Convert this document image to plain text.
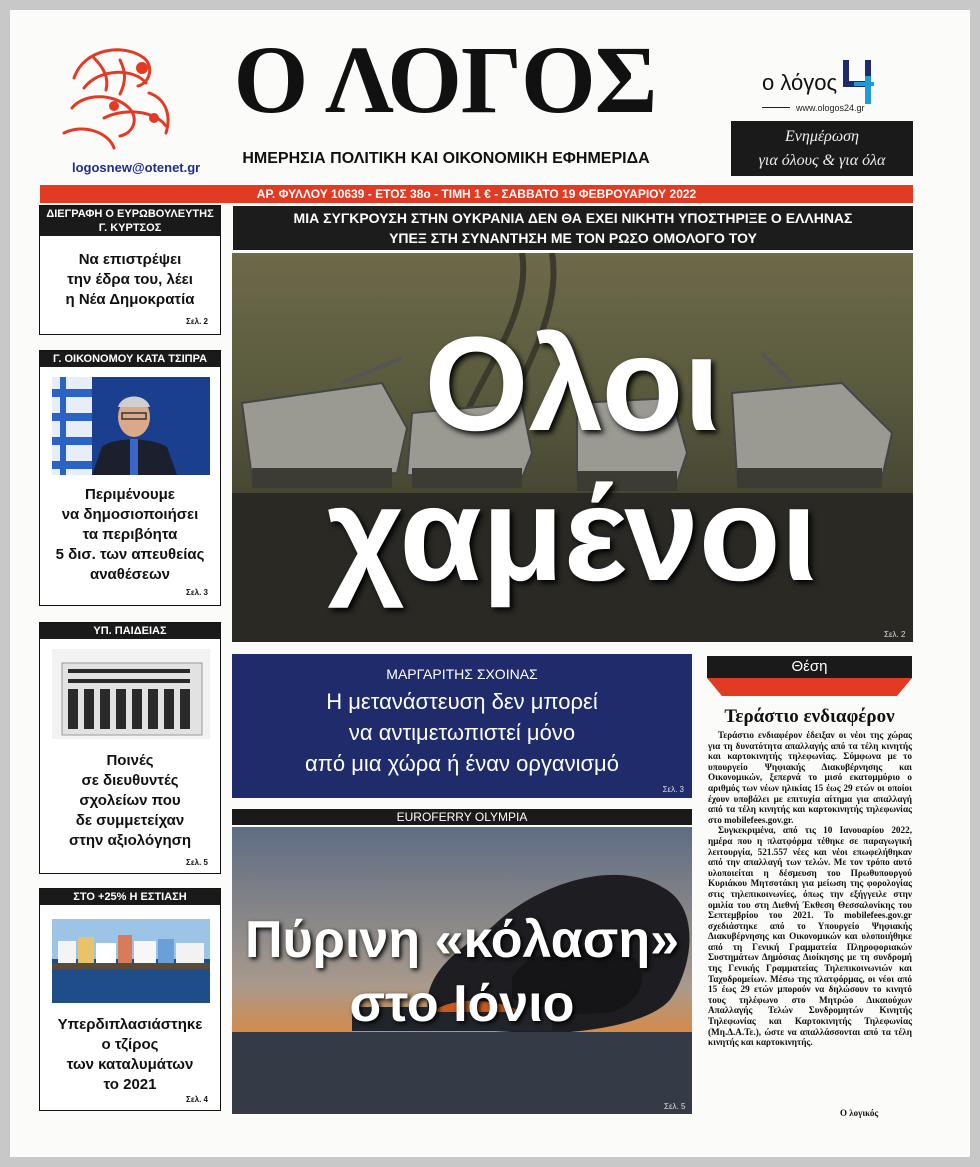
logosnew@otenet.gr
Ο ΛΟΓΟΣ
ΗΜΕΡΗΣΙΑ ΠΟΛΙΤΙΚΗ ΚΑΙ ΟΙΚΟΝΟΜΙΚΗ ΕΦΗΜΕΡΙΔΑ
ο λόγος
www.ologos24.gr
Ενημέρωση
για όλους & για όλα
ΑΡ. ΦΥΛΛΟΥ 10639 - ΕΤΟΣ 38ο - ΤΙΜΗ 1 € - ΣΑΒΒΑΤΟ 19 ΦΕΒΡΟΥΑΡΙΟΥ 2022
ΔΙΕΓΡΑΦΗ Ο ΕΥΡΩΒΟΥΛΕΥΤΗΣ Γ. ΚΥΡΤΣΟΣ
Να επιστρέψει
την έδρα του, λέει
η Νέα Δημοκρατία
Σελ. 2
Γ. ΟΙΚΟΝΟΜΟΥ ΚΑΤΑ ΤΣΙΠΡΑ
Περιμένουμε
να δημοσιοποιήσει
τα περιβόητα
5 δισ. των απευθείας
αναθέσεων
Σελ. 3
ΥΠ. ΠΑΙΔΕΙΑΣ
Ποινές
σε διευθυντές
σχολείων που
δε συμμετείχαν
στην αξιολόγηση
Σελ. 5
ΣΤΟ +25% Η ΕΣΤΙΑΣΗ
Υπερδιπλασιάστηκε
ο τζίρος
των καταλυμάτων
το 2021
Σελ. 4
ΜΙΑ ΣΥΓΚΡΟΥΣΗ ΣΤΗΝ ΟΥΚΡΑΝΙΑ ΔΕΝ ΘΑ ΕΧΕΙ ΝΙΚΗΤΗ ΥΠΟΣΤΗΡΙΞΕ Ο ΕΛΛΗΝΑΣ
ΥΠΕΞ ΣΤΗ ΣΥΝΑΝΤΗΣΗ ΜΕ ΤΟΝ ΡΩΣΟ ΟΜΟΛΟΓΟ ΤΟΥ
Ολοι
χαμένοι
Σελ. 2
ΜΑΡΓΑΡΙΤΗΣ ΣΧΟΙΝΑΣ
Η μετανάστευση δεν μπορεί
να αντιμετωπιστεί μόνο
από μια χώρα ή έναν οργανισμό
Σελ. 3
EUROFERRY OLYMPIA
Πύρινη «κόλαση»
στο Ιόνιο
Σελ. 5
Θέση
Τεράστιο ενδιαφέρον

Τεράστιο ενδιαφέρον έδειξαν οι νέοι της χώρας για τη δυνατότητα απαλλαγής από τα τέλη κινητής και καρτοκινητής τηλεφωνίας. Σύμφωνα με το υπουργείο Ψηφιακής Διακυβέρνησης και Οικονομικών, ξεπερνά το μισό εκατομμύριο ο αριθμός των νέων ηλικίας 15 έως 29 ετών οι οποίοι έχουν υποβάλει με επιτυχία αίτημα για απαλλαγή από τα τέλη κινητής και καρτοκινητής τηλεφωνίας στο mobilefees.gov.gr.

Συγκεκριμένα, από τις 10 Ιανουαρίου 2022, ημέρα που η πλατφόρμα τέθηκε σε παραγωγική λειτουργία, 521.557 νέες και νέοι επωφελήθηκαν από την απαλλαγή των τελών. Με τον τρόπο αυτό υλοποιείται η δέσμευση του Πρωθυπουργού Κυριάκου Μητσοτάκη για μείωση της φορολογίας στις τηλεπικοινωνίες, όπως την εξήγγειλε στην ομιλία του στη Διεθνή Έκθεση Θεσσαλονίκης του Σεπτεμβρίου του 2021. Το mobilefees.gov.gr σχεδιάστηκε από το Υπουργείο Ψηφιακής Διακυβέρνησης και Οικονομικών και υλοποιήθηκε από τη Γενική Γραμματεία Πληροφοριακών Συστημάτων Δημόσιας Διοίκησης με τη συνδρομή της Γενικής Γραμματείας Τηλεπικοινωνιών και Ταχυδρομείων. Μέσω της πλατφόρμας, οι νέοι από 15 έως 29 ετών μπορούν να δηλώσουν το κινητό τους τηλέφωνο στο Μητρώο Δικαιούχων Απαλλαγής Τελών Συνδρομητών Κινητής Τηλεφωνίας και Καρτοκινητής Τηλεφωνίας (Μη.Δ.Α.Τε.), ώστε να απαλλάσσονται από τα τέλη κινητής και καρτοκινητής.

Ο λογικός
